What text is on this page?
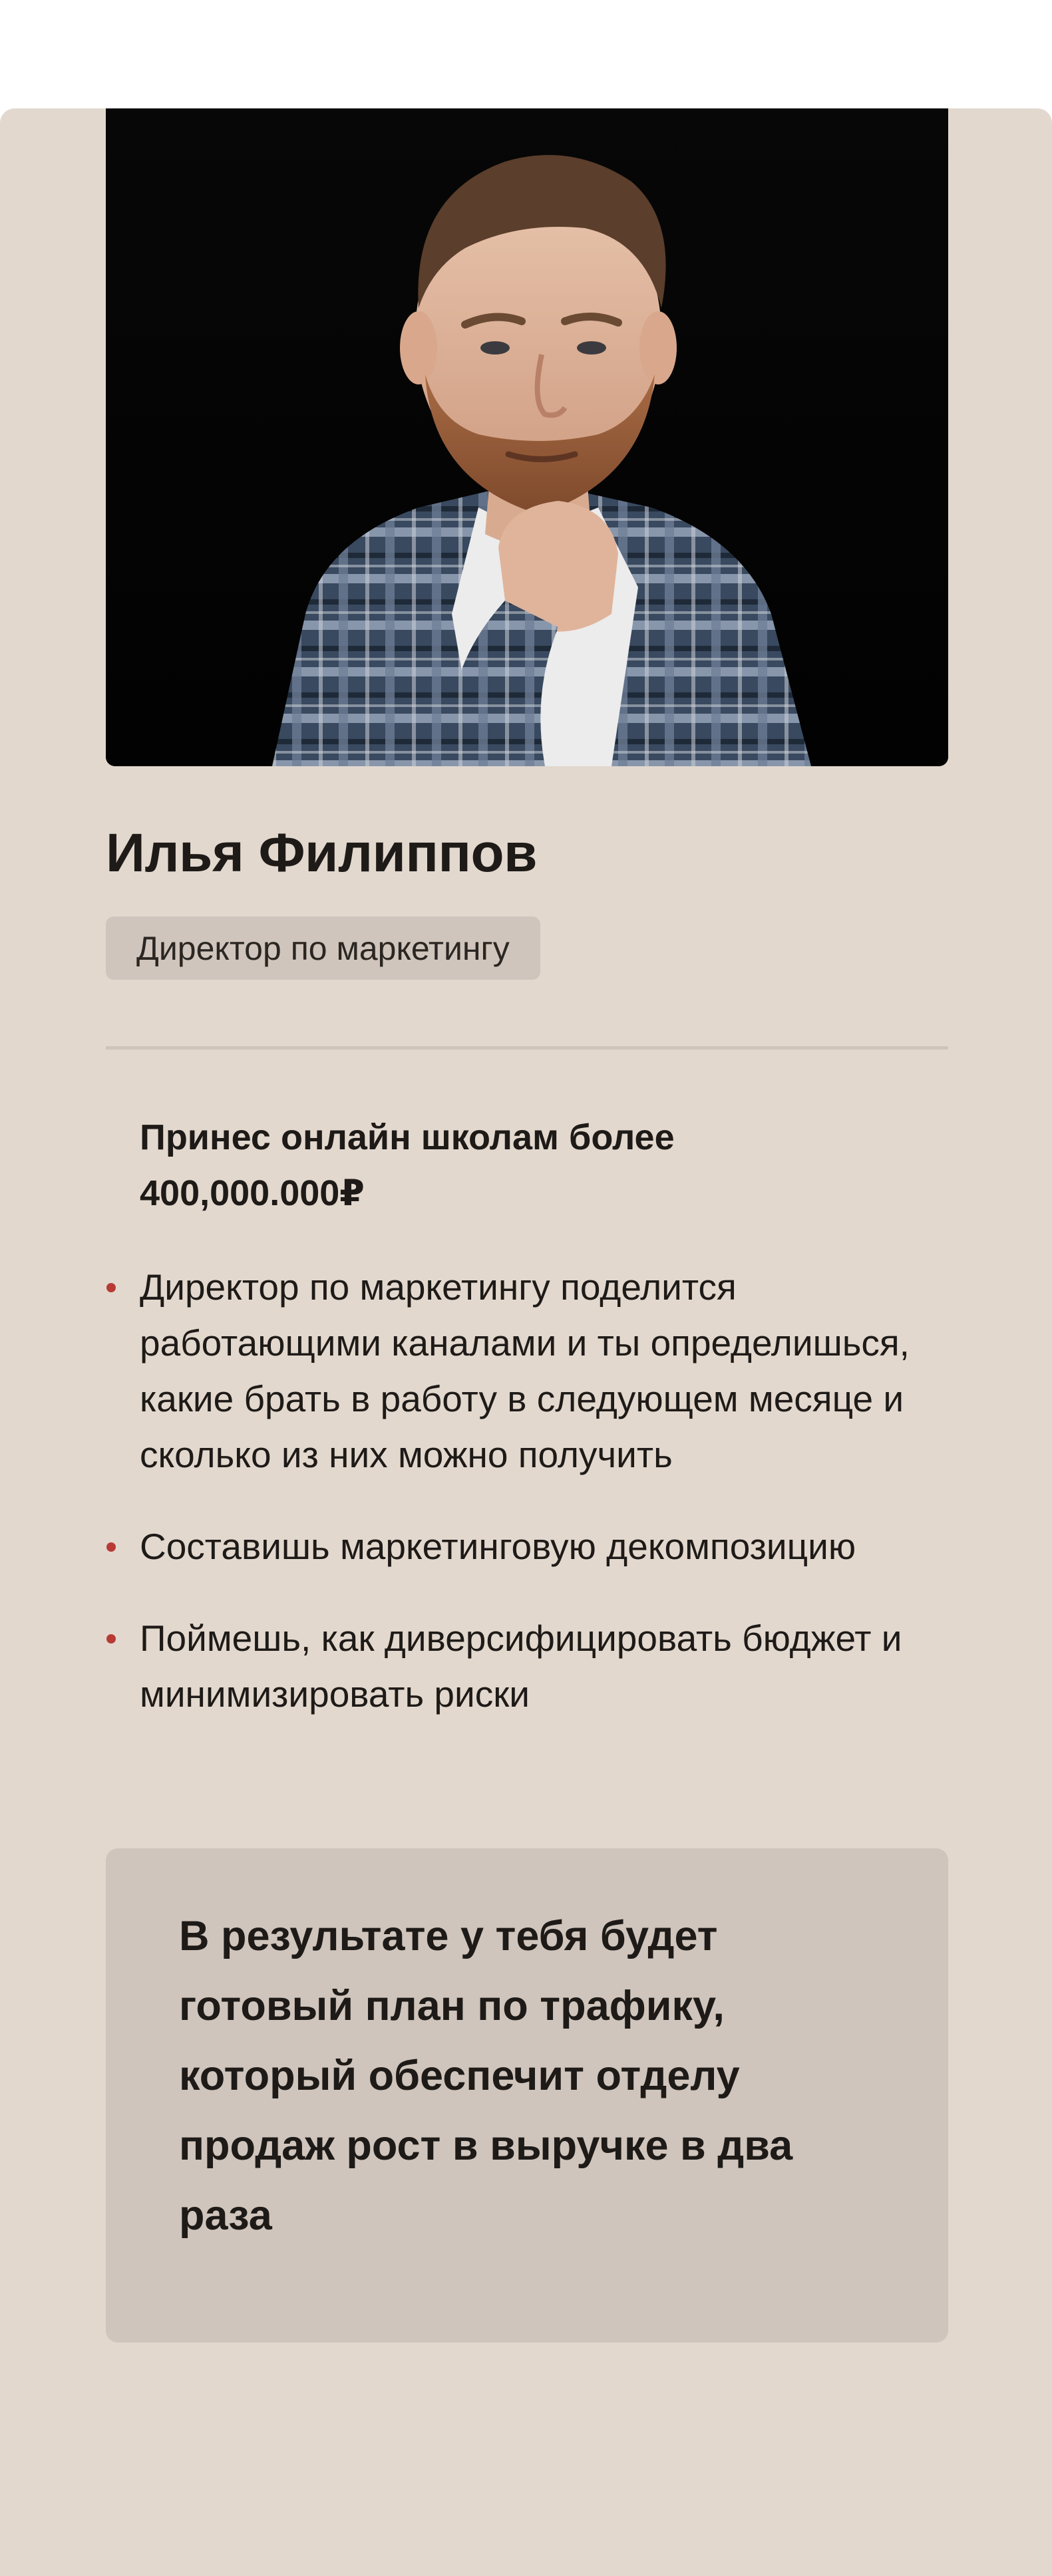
Илья Филиппов
Директор по маркетингу

Принес онлайн школам более 400,000.000₽

Директор по маркетингу поделится работающими каналами и ты определишься, какие брать в работу в следующем месяце и сколько из них можно получить
Составишь маркетинговую декомпозицию
Поймешь, как диверсифицировать бюджет и минимизировать риски

В результате у тебя будет готовый план по трафику, который обеспечит отделу продаж рост в выручке в два раза
